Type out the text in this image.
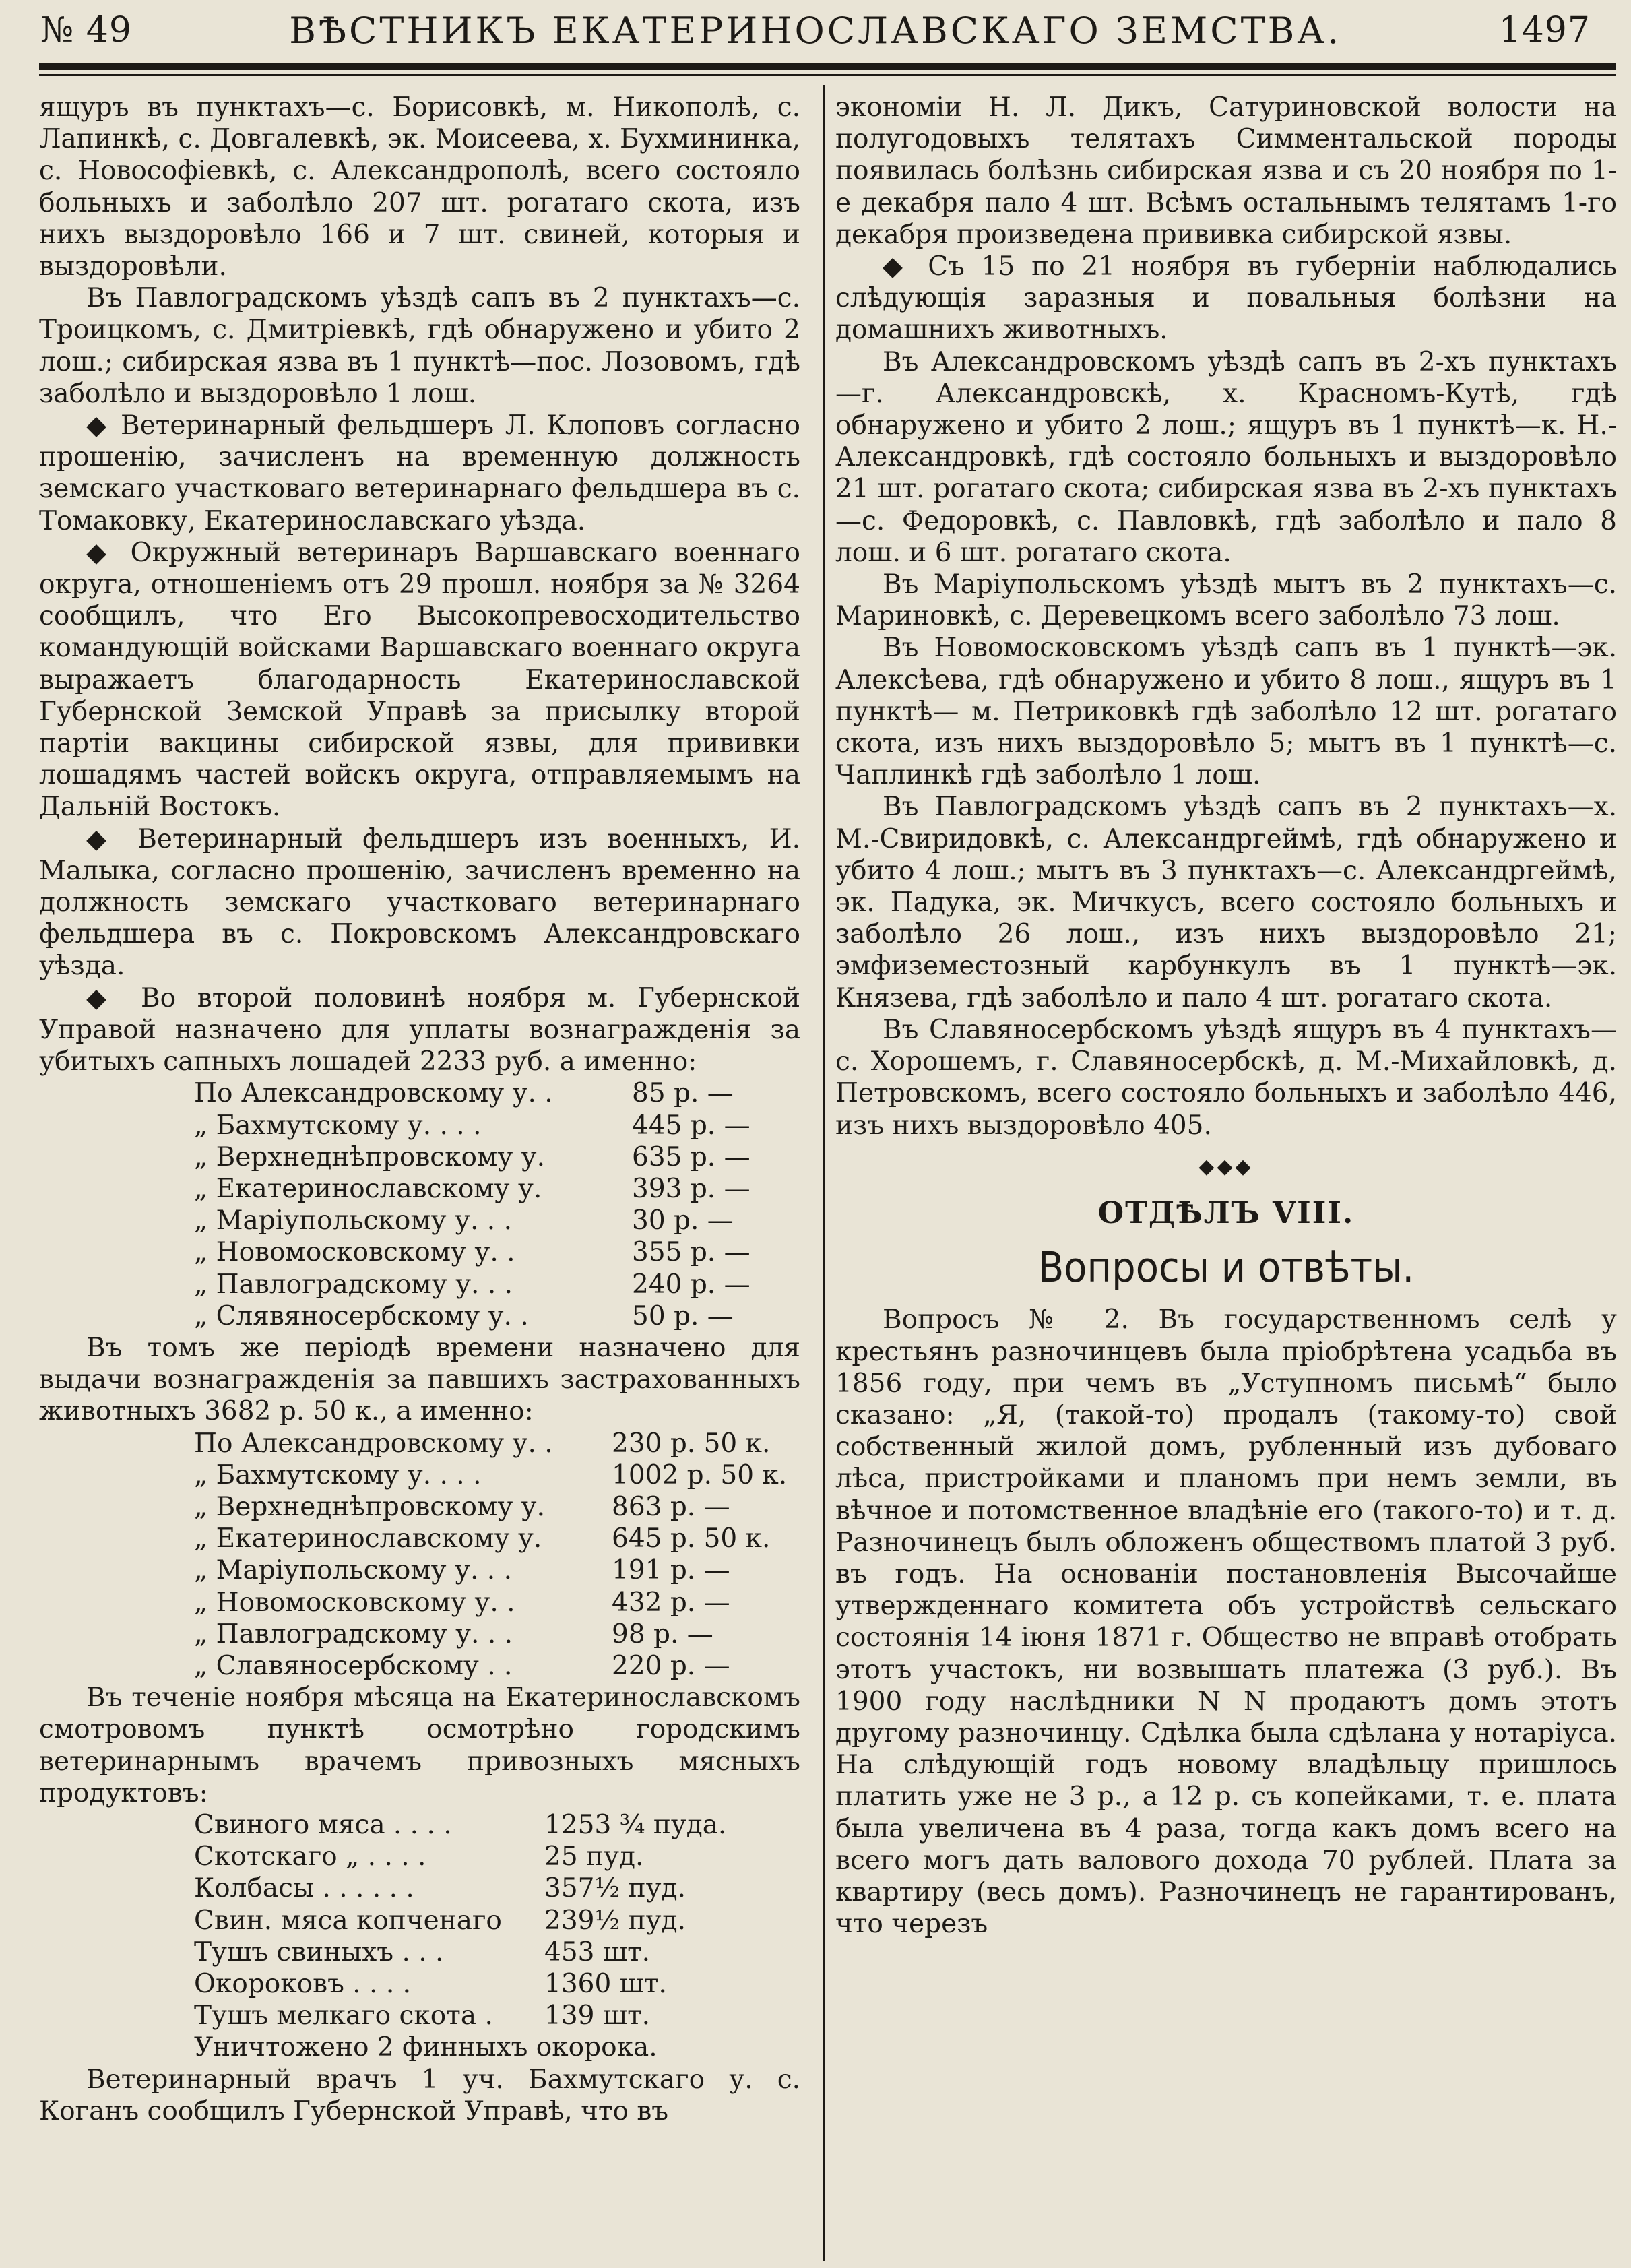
№ 49	ВѢСТНИКЪ ЕКАТЕРИНОСЛАВСКАГО ЗЕМСТВА.	1497

ящуръ въ пунктахъ—с. Борисовкѣ, м. Никополѣ, с. Лапинкѣ, с. Довгалевкѣ, эк. Моисеева, х. Бухмининка, с. Новософіевкѣ, с. Александрополѣ, всего состояло больныхъ и заболѣло 207 шт. рогатаго скота, изъ нихъ выздоровѣло 166 и 7 шт. свиней, которыя и выздоровѣли.

Въ Павлоградскомъ уѣздѣ сапъ въ 2 пунктахъ—с. Троицкомъ, с. Дмитріевкѣ, гдѣ обнаружено и убито 2 лош.; сибирская язва въ 1 пунктѣ—пос. Лозовомъ, гдѣ заболѣло и выздоровѣло 1 лош.

◆ Ветеринарный фельдшеръ Л. Клоповъ согласно прошенію, зачисленъ на временную должность земскаго участковаго ветеринарнаго фельдшера въ с. Томаковку, Екатеринославскаго уѣзда.

◆ Окружный ветеринаръ Варшавскаго военнаго округа, отношеніемъ отъ 29 прошл. ноября за № 3264 сообщилъ, что Его Высокопревосходительство командующій войсками Варшавскаго военнаго округа выражаетъ благодарность Екатеринославской Губернской Земской Управѣ за присылку второй партіи вакцины сибирской язвы, для прививки лошадямъ частей войскъ округа, отправляемымъ на Дальній Востокъ.

◆ Ветеринарный фельдшеръ изъ военныхъ, И. Малыка, согласно прошенію, зачисленъ временно на должность земскаго участковаго ветеринарнаго фельдшера въ с. Покровскомъ Александровскаго уѣзда.

◆ Во второй половинѣ ноября м. Губернской Управой назначено для уплаты вознагражденія за убитыхъ сапныхъ лошадей 2233 руб. а именно:

По Александровскому у. .	85 р. —
„ Бахмутскому у. . . .	445 р. —
„ Верхнеднѣпровскому у.	635 р. —
„ Екатеринославскому у.	393 р. —
„ Маріупольскому у. . .	30 р. —
„ Новомосковскому у. .	355 р. —
„ Павлоградскому у. . .	240 р. —
„ Слявяносербскому у. .	50 р. —

Въ томъ же періодѣ времени назначено для выдачи вознагражденія за павшихъ застрахованныхъ животныхъ 3682 р. 50 к., а именно:

По Александровскому у. .	230 р. 50 к.
„ Бахмутскому у. . . .	1002 р. 50 к.
„ Верхнеднѣпровскому у.	863 р. —
„ Екатеринославскому у.	645 р. 50 к.
„ Маріупольскому у. . .	191 р. —
„ Новомосковскому у. .	432 р. —
„ Павлоградскому у. . .	98 р. —
„ Славяносербскому . .	220 р. —

Въ теченіе ноября мѣсяца на Екатеринославскомъ смотровомъ пунктѣ осмотрѣно городскимъ ветеринарнымъ врачемъ привозныхъ мясныхъ продуктовъ:

Свиного мяса . . . .	1253 ¾ пуда.
Скотскаго „ . . . .	25 пуд.
Колбасы . . . . . .	357½ пуд.
Свин. мяса копченаго	239½ пуд.
Тушъ свиныхъ . . .	453 шт.
Окороковъ . . . .	1360 шт.
Тушъ мелкаго скота .	139 шт.
Уничтожено 2 финныхъ окорока.

Ветеринарный врачъ 1 уч. Бахмутскаго у. с. Коганъ сообщилъ Губернской Управѣ, что въ

экономіи Н. Л. Дикъ, Сатуриновской волости на полугодовыхъ телятахъ Симментальской породы появилась болѣзнь сибирская язва и съ 20 ноября по 1-е декабря пало 4 шт. Всѣмъ остальнымъ телятамъ 1-го декабря произведена прививка сибирской язвы.

◆ Съ 15 по 21 ноября въ губерніи наблюдались слѣдующія заразныя и повальныя болѣзни на домашнихъ животныхъ.

Въ Александровскомъ уѣздѣ сапъ въ 2-хъ пунктахъ—г. Александровскѣ, х. Красномъ-Кутѣ, гдѣ обнаружено и убито 2 лош.; ящуръ въ 1 пунктѣ—к. Н.-Александровкѣ, гдѣ состояло больныхъ и выздоровѣло 21 шт. рогатаго скота; сибирская язва въ 2-хъ пунктахъ—с. Федоровкѣ, с. Павловкѣ, гдѣ заболѣло и пало 8 лош. и 6 шт. рогатаго скота.

Въ Маріупольскомъ уѣздѣ мытъ въ 2 пунктахъ—с. Мариновкѣ, с. Деревецкомъ всего заболѣло 73 лош.

Въ Новомосковскомъ уѣздѣ сапъ въ 1 пунктѣ—эк. Алексѣева, гдѣ обнаружено и убито 8 лош., ящуръ въ 1 пунктѣ— м. Петриковкѣ гдѣ заболѣло 12 шт. рогатаго скота, изъ нихъ выздоровѣло 5; мытъ въ 1 пунктѣ—с. Чаплинкѣ гдѣ заболѣло 1 лош.

Въ Павлоградскомъ уѣздѣ сапъ въ 2 пунктахъ—х. М.-Свиридовкѣ, с. Александргеймѣ, гдѣ обнаружено и убито 4 лош.; мытъ въ 3 пунктахъ—с. Александргеймѣ, эк. Падука, эк. Мичкусъ, всего состояло больныхъ и заболѣло 26 лош., изъ нихъ выздоровѣло 21; эмфиземестозный карбункулъ въ 1 пунктѣ—эк. Князева, гдѣ заболѣло и пало 4 шт. рогатаго скота.

Въ Славяносербскомъ уѣздѣ ящуръ въ 4 пунктахъ—с. Хорошемъ, г. Славяносербскѣ, д. М.-Михайловкѣ, д. Петровскомъ, всего состояло больныхъ и заболѣло 446, изъ нихъ выздоровѣло 405.

◆◆◆
ОТДѢЛЪ VIII.
Вопросы и отвѣты.

Вопросъ № 2. Въ государственномъ селѣ у крестьянъ разночинцевъ была пріобрѣтена усадьба въ 1856 году, при чемъ въ „Уступномъ письмѣ“ было сказано: „Я, (такой-то) продалъ (такому-то) свой собственный жилой домъ, рубленный изъ дубоваго лѣса, пристройками и планомъ при немъ земли, въ вѣчное и потомственное владѣніе его (такого-то) и т. д. Разночинецъ былъ обложенъ обществомъ платой 3 руб. въ годъ. На основаніи постановленія Высочайше утвержденнаго комитета объ устройствѣ сельскаго состоянія 14 іюня 1871 г. Общество не вправѣ отобрать этотъ участокъ, ни возвышать платежа (3 руб.). Въ 1900 году наслѣдники N N продаютъ домъ этотъ другому разночинцу. Сдѣлка была сдѣлана у нотаріуса. На слѣдующій годъ новому владѣльцу пришлось платить уже не 3 р., а 12 р. съ копейками, т. е. плата была увеличена въ 4 раза, тогда какъ домъ всего на всего могъ дать валового дохода 70 рублей. Плата за квартиру (весь домъ). Разночинецъ не гарантированъ, что черезъ
